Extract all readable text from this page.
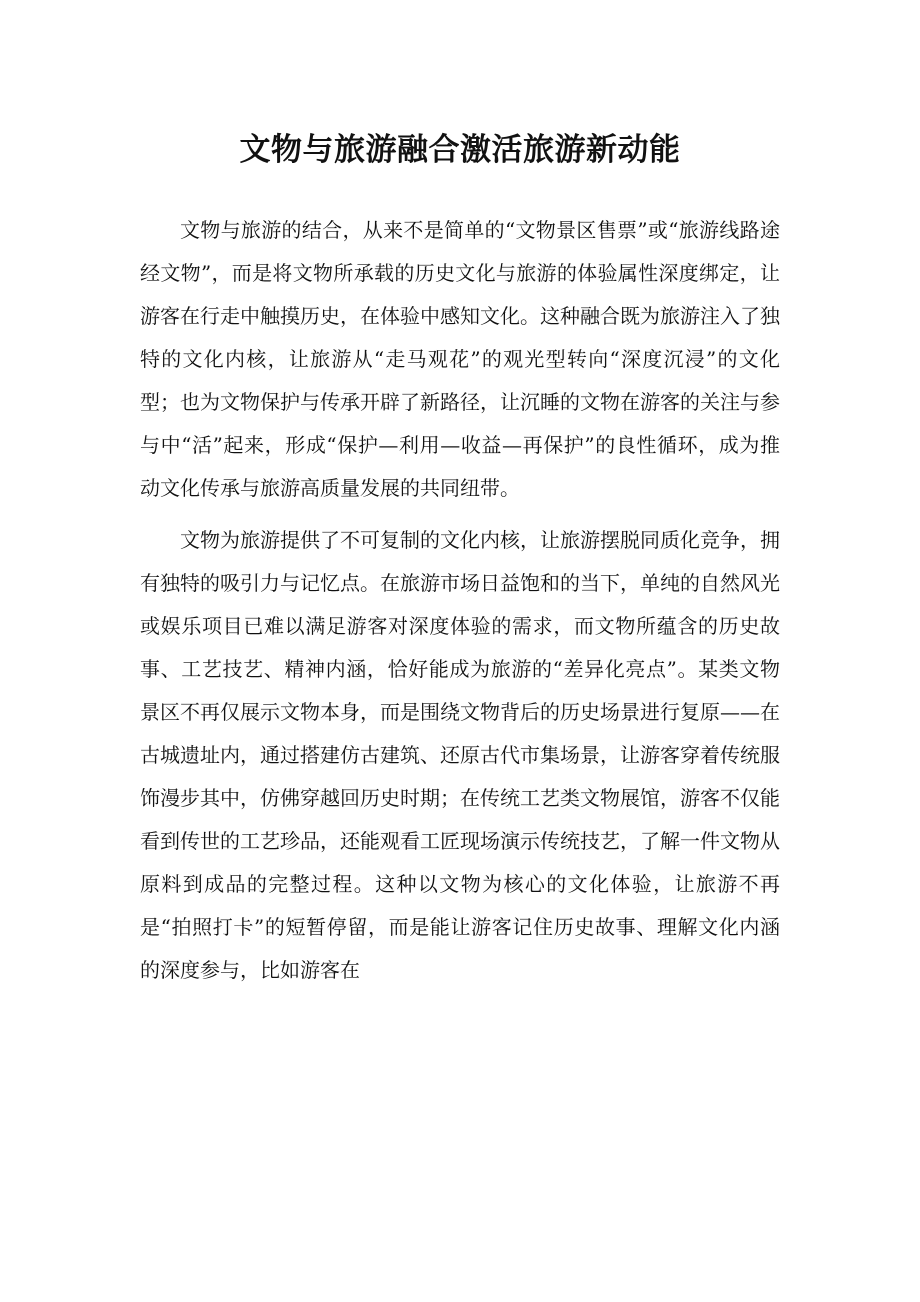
文物与旅游融合激活旅游新动能

文物与旅游的结合，从来不是简单的“文物景区售票”或“旅游线路途经文物”，而是将文物所承载的历史文化与旅游的体验属性深度绑定，让游客在行走中触摸历史，在体验中感知文化。这种融合既为旅游注入了独特的文化内核，让旅游从“走马观花”的观光型转向“深度沉浸”的文化型；也为文物保护与传承开辟了新路径，让沉睡的文物在游客的关注与参与中“活”起来，形成“保护—利用—收益—再保护”的良性循环，成为推动文化传承与旅游高质量发展的共同纽带。

文物为旅游提供了不可复制的文化内核，让旅游摆脱同质化竞争，拥有独特的吸引力与记忆点。在旅游市场日益饱和的当下，单纯的自然风光或娱乐项目已难以满足游客对深度体验的需求，而文物所蕴含的历史故事、工艺技艺、精神内涵，恰好能成为旅游的“差异化亮点”。某类文物景区不再仅展示文物本身，而是围绕文物背后的历史场景进行复原——在古城遗址内，通过搭建仿古建筑、还原古代市集场景，让游客穿着传统服饰漫步其中，仿佛穿越回历史时期；在传统工艺类文物展馆，游客不仅能看到传世的工艺珍品，还能观看工匠现场演示传统技艺，了解一件文物从原料到成品的完整过程。这种以文物为核心的文化体验，让旅游不再是“拍照打卡”的短暂停留，而是能让游客记住历史故事、理解文化内涵的深度参与，比如游客在
